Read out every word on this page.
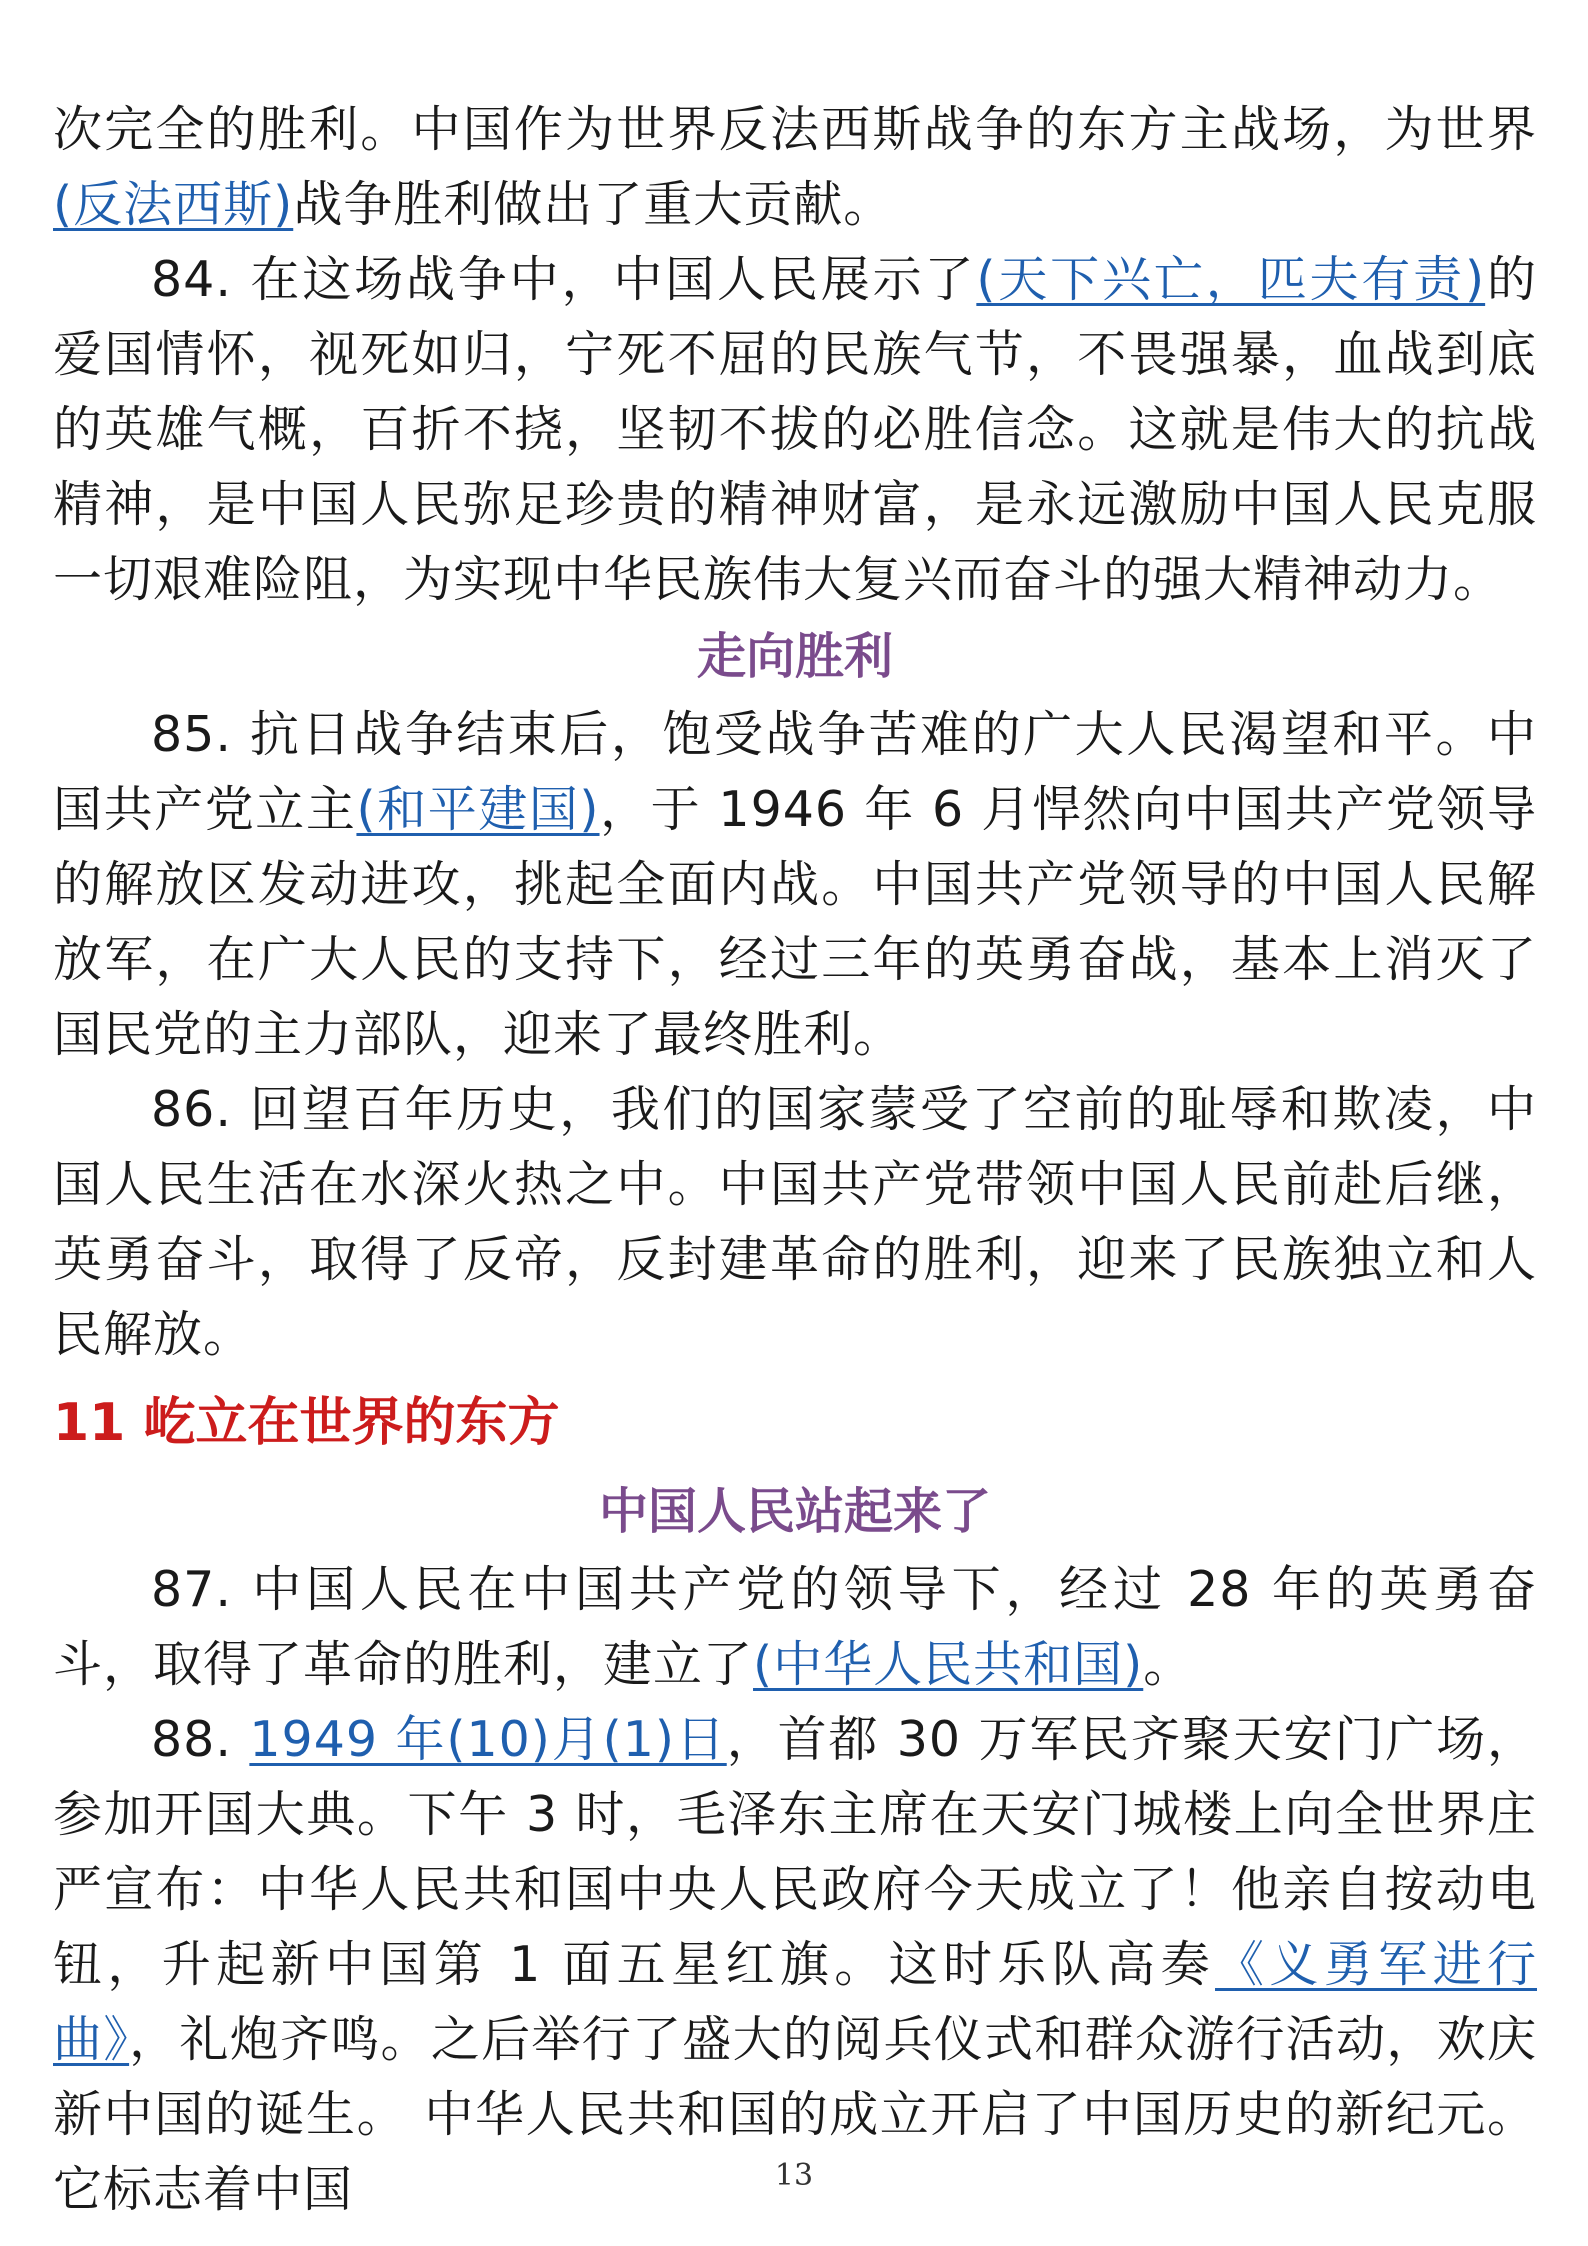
次完全的胜利。中国作为世界反法西斯战争的东方主战场，为世界(反法西斯)战争胜利做出了重大贡献。

84. 在这场战争中，中国人民展示了(天下兴亡，匹夫有责)的爱国情怀，视死如归，宁死不屈的民族气节，不畏强暴，血战到底的英雄气概，百折不挠，坚韧不拔的必胜信念。这就是伟大的抗战精神，是中国人民弥足珍贵的精神财富，是永远激励中国人民克服一切艰难险阻，为实现中华民族伟大复兴而奋斗的强大精神动力。

走向胜利

85. 抗日战争结束后，饱受战争苦难的广大人民渴望和平。中国共产党立主(和平建国)，于 1946 年 6 月悍然向中国共产党领导的解放区发动进攻，挑起全面内战。中国共产党领导的中国人民解放军，在广大人民的支持下，经过三年的英勇奋战，基本上消灭了国民党的主力部队，迎来了最终胜利。

86. 回望百年历史，我们的国家蒙受了空前的耻辱和欺凌，中国人民生活在水深火热之中。中国共产党带领中国人民前赴后继，英勇奋斗，取得了反帝，反封建革命的胜利，迎来了民族独立和人民解放。

11 屹立在世界的东方
中国人民站起来了

87. 中国人民在中国共产党的领导下，经过 28 年的英勇奋斗，取得了革命的胜利，建立了(中华人民共和国)。

88. 1949 年(10)月(1)日，首都 30 万军民齐聚天安门广场，参加开国大典。下午 3 时，毛泽东主席在天安门城楼上向全世界庄严宣布：中华人民共和国中央人民政府今天成立了！他亲自按动电钮，升起新中国第 1 面五星红旗。这时乐队高奏《义勇军进行曲》，礼炮齐鸣。之后举行了盛大的阅兵仪式和群众游行活动，欢庆新中国的诞生。 中华人民共和国的成立开启了中国历史的新纪元。它标志着中国	13
